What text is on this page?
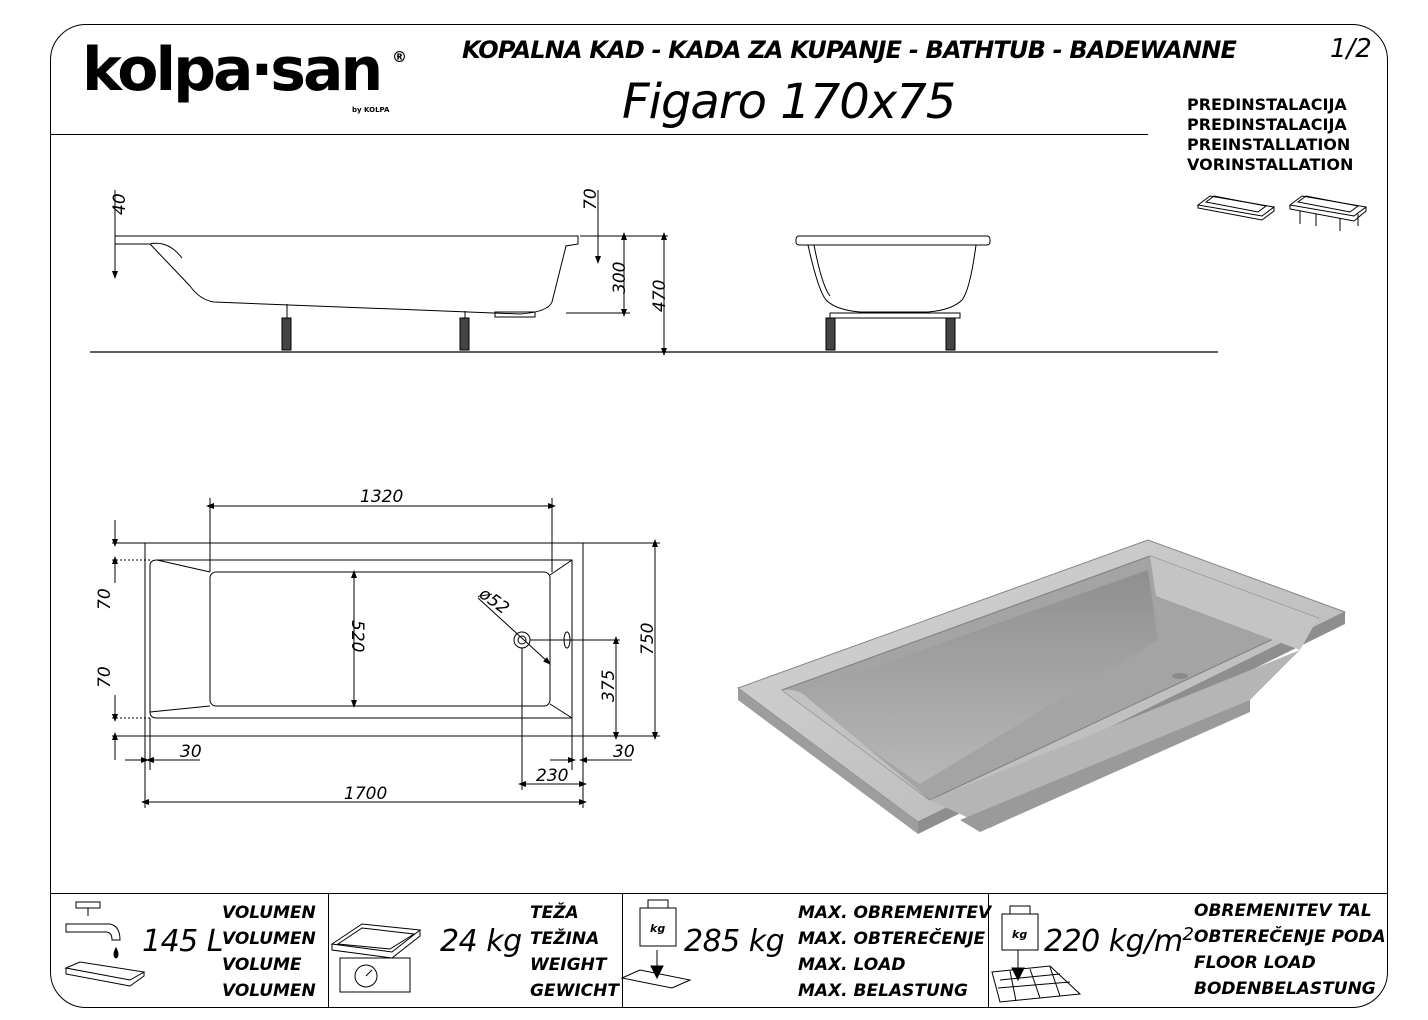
kolpa·san ®
by KOLPA
KOPALNA KAD - KADA ZA KUPANJE - BATHTUB - BADEWANNE	1/2
Figaro 170x75	PREDINSTALACIJA
PREDINSTALACIJA
PREINSTALLATION
VORINSTALLATION
40	70
300
470
1320
520
ø52
70
70
750
375
30	30
230
1700
kg	kg
145 L
VOLUMEN
VOLUMEN
VOLUME
VOLUMEN
24 kg
TEŽA
TEŽINA
WEIGHT
GEWICHT
285 kg
MAX. OBREMENITEV
MAX. OBTEREČENJE
MAX. LOAD
MAX. BELASTUNG
220 $kg/m^2$
OBREMENITEV TAL
OBTEREČENJE PODA
FLOOR LOAD
BODENBELASTUNG
